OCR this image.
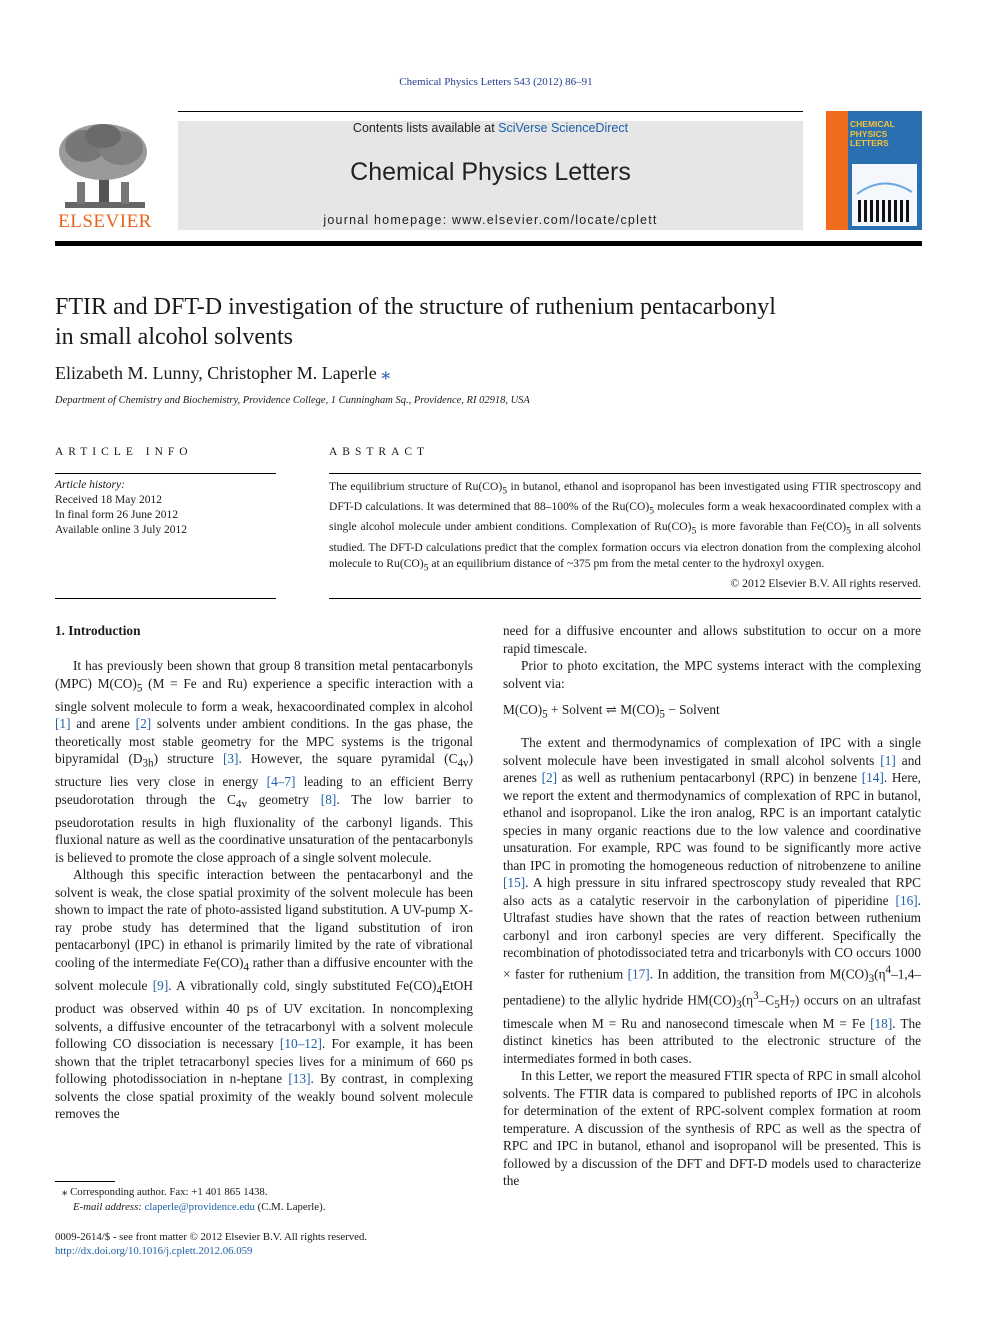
Chemical Physics Letters 543 (2012) 86–91
ELSEVIER
Contents lists available at SciVerse ScienceDirect
Chemical Physics Letters
journal homepage: www.elsevier.com/locate/cplett
CHEMICAL PHYSICS LETTERS
FTIR and DFT-D investigation of the structure of ruthenium pentacarbonyl
in small alcohol solvents
Elizabeth M. Lunny, Christopher M. Laperle ⁎
Department of Chemistry and Biochemistry, Providence College, 1 Cunningham Sq., Providence, RI 02918, USA
ARTICLE INFO
Article history:
Received 18 May 2012
In final form 26 June 2012
Available online 3 July 2012
ABSTRACT
The equilibrium structure of $Ru(CO)_5$ in butanol, ethanol and isopropanol has been investigated using FTIR spectroscopy and DFT-D calculations. It was determined that 88–100% of the $Ru(CO)_5$ molecules form a weak hexacoordinated complex with a single alcohol molecule under ambient conditions. Complexation of $Ru(CO)_5$ is more favorable than $Fe(CO)_5$ in all solvents studied. The DFT-D calculations predict that the complex formation occurs via electron donation from the complexing alcohol molecule to $Ru(CO)_5$ at an equilibrium distance of ~375 pm from the metal center to the hydroxyl oxygen.
© 2012 Elsevier B.V. All rights reserved.

1. Introduction

It has previously been shown that group 8 transition metal pentacarbonyls (MPC) $M(CO)_5$ (M = Fe and Ru) experience a specific interaction with a single solvent molecule to form a weak, hexacoordinated complex in alcohol [1] and arene [2] solvents under ambient conditions. In the gas phase, the theoretically most stable geometry for the MPC systems is the trigonal bipyramidal $(D_{3h})$ structure [3]. However, the square pyramidal $(C_{4v})$ structure lies very close in energy [4–7] leading to an efficient Berry pseudorotation through the $C_{4v}$ geometry [8]. The low barrier to pseudorotation results in high fluxionality of the carbonyl ligands. This fluxional nature as well as the coordinative unsaturation of the pentacarbonyls is believed to promote the close approach of a single solvent molecule.

Although this specific interaction between the pentacarbonyl and the solvent is weak, the close spatial proximity of the solvent molecule has been shown to impact the rate of photo-assisted ligand substitution. A UV-pump X-ray probe study has determined that the ligand substitution of iron pentacarbonyl (IPC) in ethanol is primarily limited by the rate of vibrational cooling of the intermediate $Fe(CO)_4$ rather than a diffusive encounter with the solvent molecule [9]. A vibrationally cold, singly substituted $Fe(CO)_4EtOH$ product was observed within 40 ps of UV excitation. In noncomplexing solvents, a diffusive encounter of the tetracarbonyl with a solvent molecule following CO dissociation is necessary [10–12]. For example, it has been shown that the triplet tetracarbonyl species lives for a minimum of 660 ps following photodissociation in n-heptane [13]. By contrast, in complexing solvents the close spatial proximity of the weakly bound solvent molecule removes the

need for a diffusive encounter and allows substitution to occur on a more rapid timescale.

Prior to photo excitation, the MPC systems interact with the complexing solvent via:

$M(CO)_5$ + Solvent ⇌ $M(CO)_5$ − Solvent

The extent and thermodynamics of complexation of IPC with a single solvent molecule have been investigated in small alcohol solvents [1] and arenes [2] as well as ruthenium pentacarbonyl (RPC) in benzene [14]. Here, we report the extent and thermodynamics of complexation of RPC in butanol, ethanol and isopropanol. Like the iron analog, RPC is an important catalytic species in many organic reactions due to the low valence and coordinative unsaturation. For example, RPC was found to be significantly more active than IPC in promoting the homogeneous reduction of nitrobenzene to aniline [15]. A high pressure in situ infrared spectroscopy study revealed that RPC also acts as a catalytic reservoir in the carbonylation of piperidine [16]. Ultrafast studies have shown that the rates of reaction between ruthenium carbonyl and iron carbonyl species are very different. Specifically the recombination of photodissociated tetra and tricarbonyls with CO occurs 1000 × faster for ruthenium [17]. In addition, the transition from $M(CO)_3(\eta^4-1,4-pentadiene)$ to the allylic hydride $HM(CO)_3(\eta^3-C_5H_7)$ occurs on an ultrafast timescale when M = Ru and nanosecond timescale when M = Fe [18]. The distinct kinetics has been attributed to the electronic structure of the intermediates formed in both cases.

In this Letter, we report the measured FTIR specta of RPC in small alcohol solvents. The FTIR data is compared to published reports of IPC in alcohols for determination of the extent of RPC-solvent complex formation at room temperature. A discussion of the synthesis of RPC as well as the spectra of RPC and IPC in butanol, ethanol and isopropanol will be presented. This is followed by a discussion of the DFT and DFT-D models used to characterize the

⁎ Corresponding author. Fax: +1 401 865 1438.
E-mail address: claperle@providence.edu (C.M. Laperle).
0009-2614/$ - see front matter © 2012 Elsevier B.V. All rights reserved.
http://dx.doi.org/10.1016/j.cplett.2012.06.059
